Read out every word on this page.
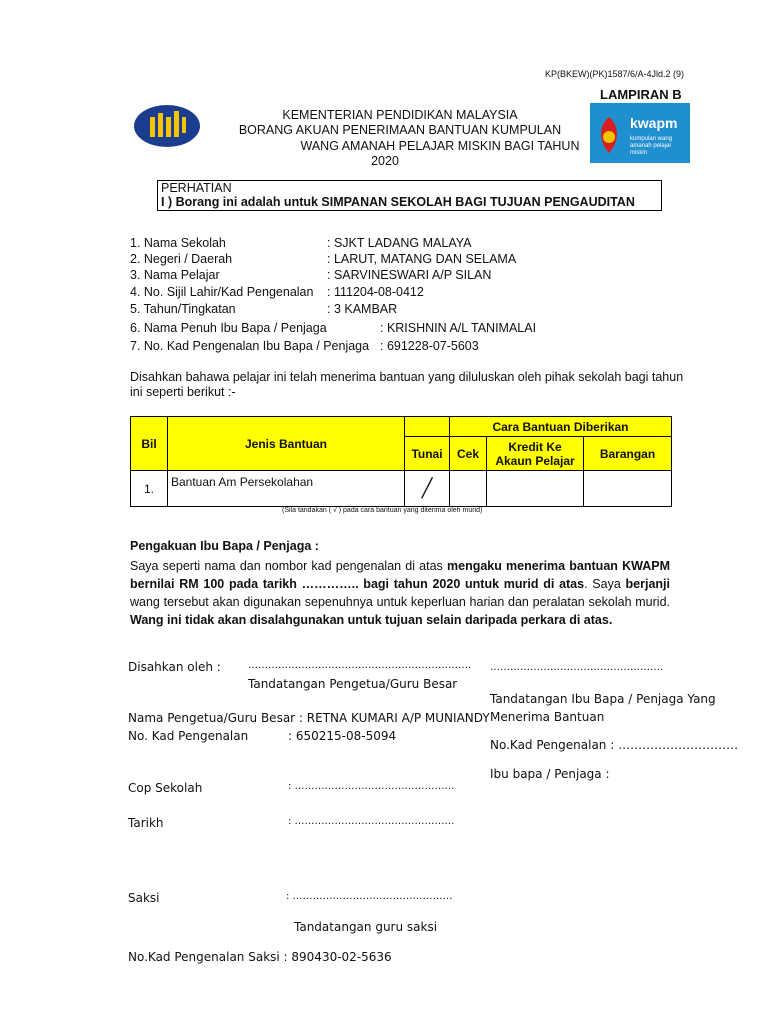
KP(BKEW)(PK)1587/6/A-4Jld.2 (9)
LAMPIRAN B
KEMENTERIAN PENDIDIKAN MALAYSIA
BORANG AKUAN PENERIMAAN BANTUAN KUMPULAN
WANG AMANAH PELAJAR MISKIN BAGI TAHUN
2020
kwapm
kumpulan wang amanah pelajar miskin
PERHATIAN
I ) Borang ini adalah untuk SIMPANAN SEKOLAH BAGI TUJUAN PENGAUDITAN
1. Nama Sekolah	: SJKT LADANG MALAYA
2. Negeri / Daerah	: LARUT, MATANG DAN SELAMA
3. Nama Pelajar	: SARVINESWARI A/P SILAN
4. No. Sijil Lahir/Kad Pengenalan : 111204-08-0412
5. Tahun/Tingkatan	: 3 KAMBAR
6. Nama Penuh Ibu Bapa / Penjaga	: KRISHNIN A/L TANIMALAI
7. No. Kad Pengenalan Ibu Bapa / Penjaga : 691228-07-5603
Disahkan bahawa pelajar ini telah menerima bantuan yang diluluskan oleh pihak sekolah bagi tahun ini seperti berikut :-
Bil	Jenis Bantuan		Cara Bantuan Diberikan		
		Tunai	Cek	Kredit Ke Akaun Pelajar	Barangan
1.	Bantuan Am Persekolahan	╱			
(Sila tandakan ( √ ) pada cara bantuan yang diterima oleh murid)
Pengakuan Ibu Bapa / Penjaga :
Saya seperti nama dan nombor kad pengenalan di atas mengaku menerima bantuan KWAPM bernilai RM 100 pada tarikh ………….. bagi tahun 2020 untuk murid di atas. Saya berjanji wang tersebut akan digunakan sepenuhnya untuk keperluan harian dan peralatan sekolah murid. Wang ini tidak akan disalahgunakan untuk tujuan selain daripada perkara di atas.
Disahkan oleh :	………………………………………………………….
Tandatangan Pengetua/Guru Besar
Nama Pengetua/Guru Besar : RETNA KUMARI A/P MUNIANDY
No. Kad Pengenalan	: 650215-08-5094
Cop Sekolah	: …………………………………………
Tarikh	: …………………………………………
Saksi	: …………………………………………
Tandatangan guru saksi
No.Kad Pengenalan Saksi : 890430-02-5636
…………………………………………….
Tandatangan Ibu Bapa / Penjaga Yang Menerima Bantuan
No.Kad Pengenalan : …………………………
Ibu bapa / Penjaga :
